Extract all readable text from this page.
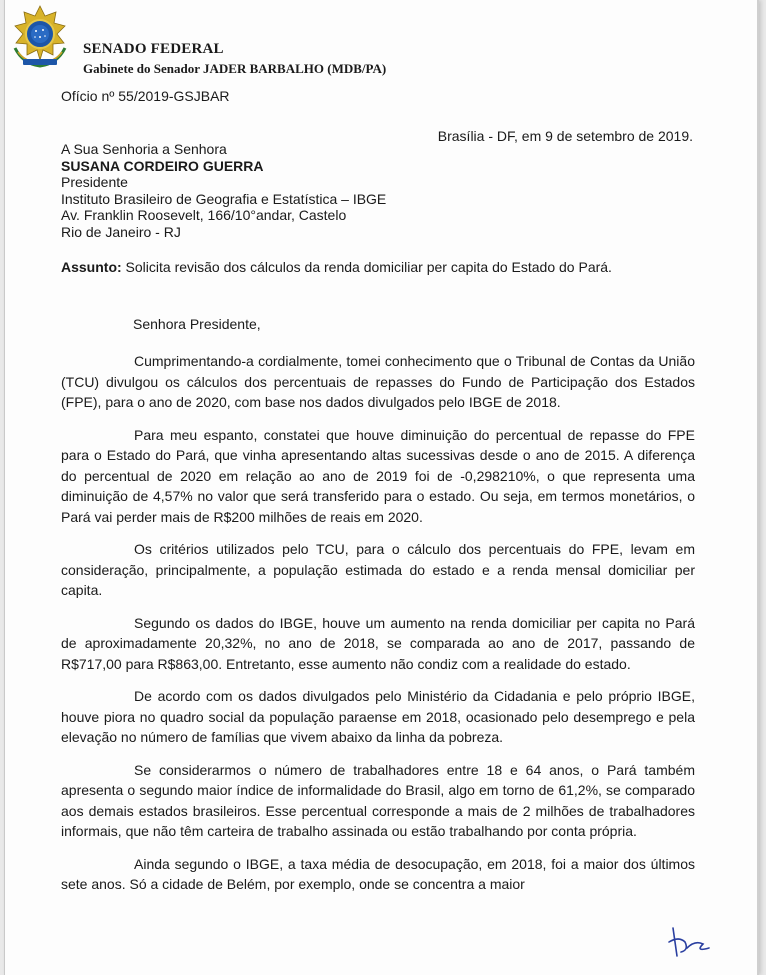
SENADO FEDERAL
Gabinete do Senador JADER BARBALHO (MDB/PA)
Ofício nº 55/2019-GSJBAR
Brasília - DF, em 9 de setembro de 2019.
A Sua Senhoria a Senhora
SUSANA CORDEIRO GUERRA
Presidente
Instituto Brasileiro de Geografia e Estatística – IBGE
Av. Franklin Roosevelt, 166/10°andar, Castelo
Rio de Janeiro - RJ
Assunto: Solicita revisão dos cálculos da renda domiciliar per capita do Estado do Pará.
Senhora Presidente,

Cumprimentando-a cordialmente, tomei conhecimento que o Tribunal de Contas da União (TCU) divulgou os cálculos dos percentuais de repasses do Fundo de Participação dos Estados (FPE), para o ano de 2020, com base nos dados divulgados pelo IBGE de 2018.

Para meu espanto, constatei que houve diminuição do percentual de repasse do FPE para o Estado do Pará, que vinha apresentando altas sucessivas desde o ano de 2015. A diferença do percentual de 2020 em relação ao ano de 2019 foi de -0,298210%, o que representa uma diminuição de 4,57% no valor que será transferido para o estado. Ou seja, em termos monetários, o Pará vai perder mais de R$200 milhões de reais em 2020.

Os critérios utilizados pelo TCU, para o cálculo dos percentuais do FPE, levam em consideração, principalmente, a população estimada do estado e a renda mensal domiciliar per capita.

Segundo os dados do IBGE, houve um aumento na renda domiciliar per capita no Pará de aproximadamente 20,32%, no ano de 2018, se comparada ao ano de 2017, passando de R$717,00 para R$863,00. Entretanto, esse aumento não condiz com a realidade do estado.

De acordo com os dados divulgados pelo Ministério da Cidadania e pelo próprio IBGE, houve piora no quadro social da população paraense em 2018, ocasionado pelo desemprego e pela elevação no número de famílias que vivem abaixo da linha da pobreza.

Se considerarmos o número de trabalhadores entre 18 e 64 anos, o Pará também apresenta o segundo maior índice de informalidade do Brasil, algo em torno de 61,2%, se comparado aos demais estados brasileiros. Esse percentual corresponde a mais de 2 milhões de trabalhadores informais, que não têm carteira de trabalho assinada ou estão trabalhando por conta própria.

Ainda segundo o IBGE, a taxa média de desocupação, em 2018, foi a maior dos últimos sete anos. Só a cidade de Belém, por exemplo, onde se concentra a maior
